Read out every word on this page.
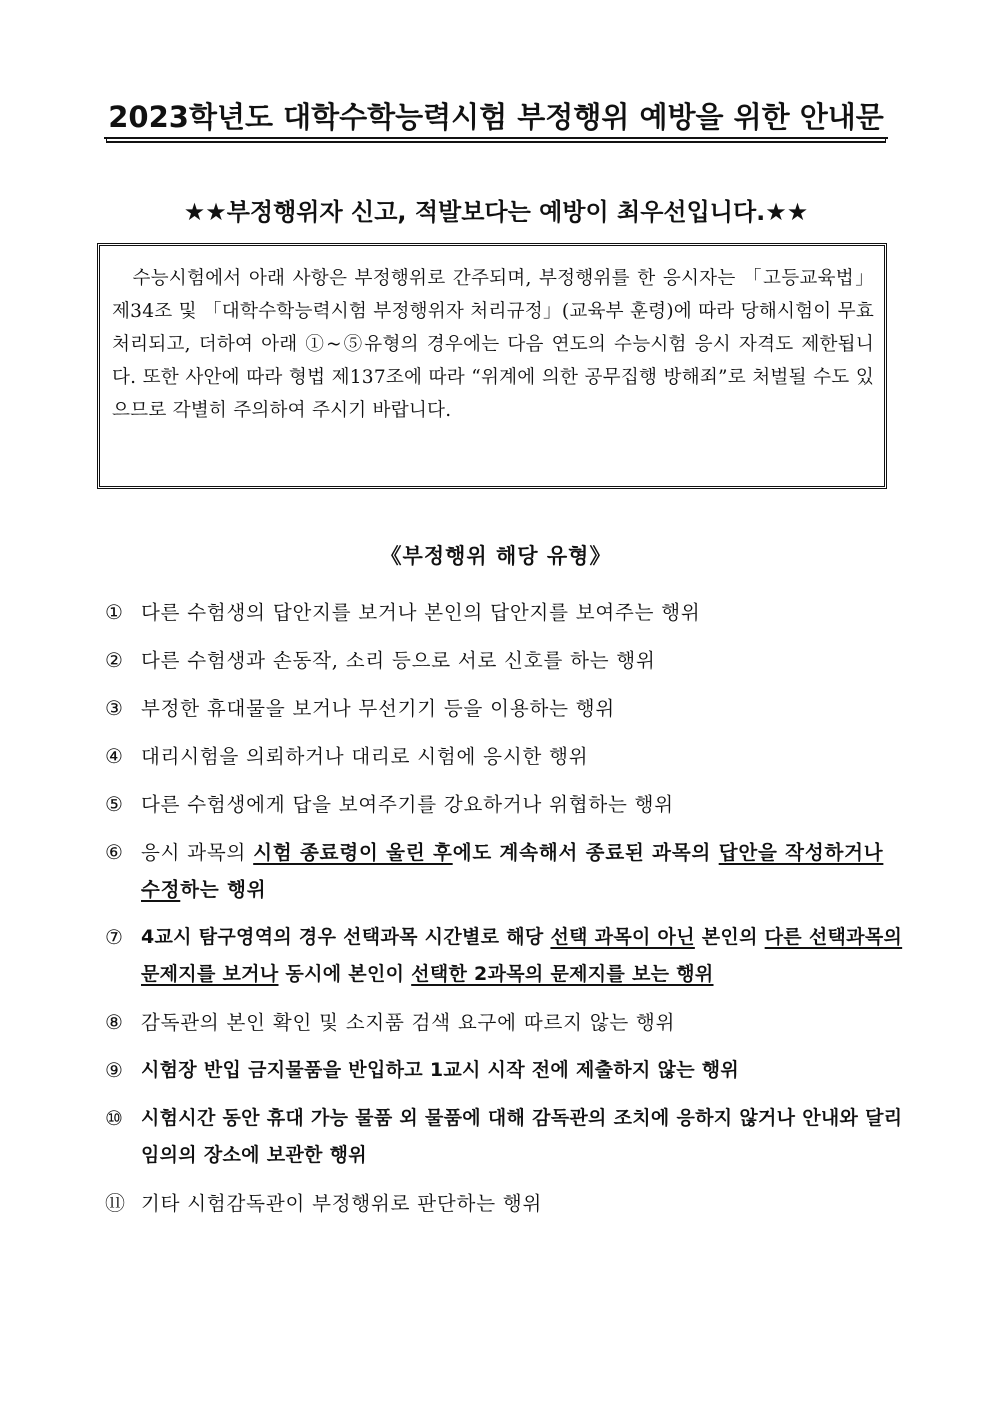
2023학년도 대학수학능력시험 부정행위 예방을 위한 안내문
★★부정행위자 신고, 적발보다는 예방이 최우선입니다.★★
수능시험에서 아래 사항은 부정행위로 간주되며, 부정행위를 한 응시자는 「고등교육법」 제34조 및 「대학수학능력시험 부정행위자 처리규정」(교육부 훈령)에 따라 당해시험이 무효 처리되고, 더하여 아래 ①~⑤유형의 경우에는 다음 연도의 수능시험 응시 자격도 제한됩니다. 또한 사안에 따라 형법 제137조에 따라 “위계에 의한 공무집행 방해죄”로 처벌될 수도 있으므로 각별히 주의하여 주시기 바랍니다.
《부정행위 해당 유형》
① 다른 수험생의 답안지를 보거나 본인의 답안지를 보여주는 행위
② 다른 수험생과 손동작, 소리 등으로 서로 신호를 하는 행위
③ 부정한 휴대물을 보거나 무선기기 등을 이용하는 행위
④ 대리시험을 의뢰하거나 대리로 시험에 응시한 행위
⑤ 다른 수험생에게 답을 보여주기를 강요하거나 위협하는 행위
⑥ 응시 과목의 시험 종료령이 울린 후에도 계속해서 종료된 과목의 답안을 작성하거나 수정하는 행위
⑦ 4교시 탐구영역의 경우 선택과목 시간별로 해당 선택 과목이 아닌 본인의 다른 선택과목의 문제지를 보거나 동시에 본인이 선택한 2과목의 문제지를 보는 행위
⑧ 감독관의 본인 확인 및 소지품 검색 요구에 따르지 않는 행위
⑨ 시험장 반입 금지물품을 반입하고 1교시 시작 전에 제출하지 않는 행위
⑩ 시험시간 동안 휴대 가능 물품 외 물품에 대해 감독관의 조치에 응하지 않거나 안내와 달리 임의의 장소에 보관한 행위
⑪ 기타 시험감독관이 부정행위로 판단하는 행위
